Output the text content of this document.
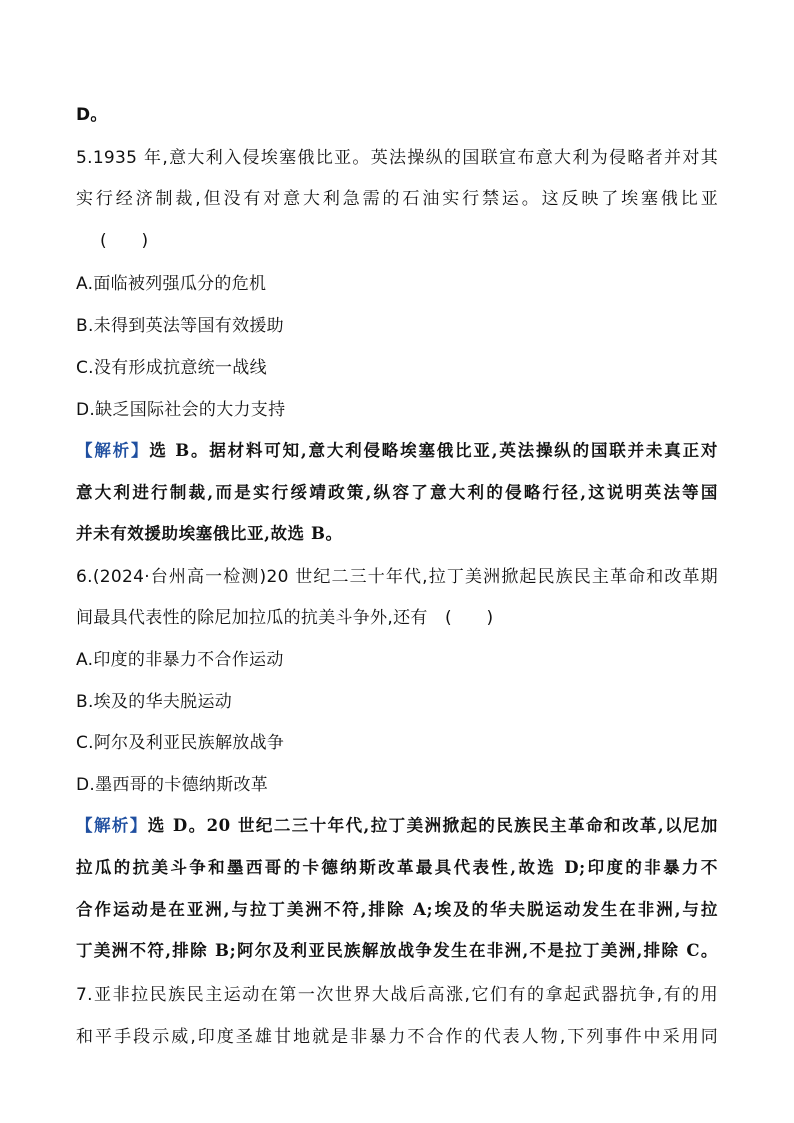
D。
5.1935 年,意大利入侵埃塞俄比亚。英法操纵的国联宣布意大利为侵略者并对其
实行经济制裁,但没有对意大利急需的石油实行禁运。这反映了埃塞俄比亚
(　　)
A.面临被列强瓜分的危机
B.未得到英法等国有效援助
C.没有形成抗意统一战线
D.缺乏国际社会的大力支持
【解析】选 B。据材料可知,意大利侵略埃塞俄比亚,英法操纵的国联并未真正对
意大利进行制裁,而是实行绥靖政策,纵容了意大利的侵略行径,这说明英法等国
并未有效援助埃塞俄比亚,故选 B。
6.(2024·台州高一检测)20 世纪二三十年代,拉丁美洲掀起民族民主革命和改革期
间最具代表性的除尼加拉瓜的抗美斗争外,还有　(　　)
A.印度的非暴力不合作运动
B.埃及的华夫脱运动
C.阿尔及利亚民族解放战争
D.墨西哥的卡德纳斯改革
【解析】选 D。20 世纪二三十年代,拉丁美洲掀起的民族民主革命和改革,以尼加
拉瓜的抗美斗争和墨西哥的卡德纳斯改革最具代表性,故选 D;印度的非暴力不
合作运动是在亚洲,与拉丁美洲不符,排除 A;埃及的华夫脱运动发生在非洲,与拉
丁美洲不符,排除 B;阿尔及利亚民族解放战争发生在非洲,不是拉丁美洲,排除 C。
7.亚非拉民族民主运动在第一次世界大战后高涨,它们有的拿起武器抗争,有的用
和平手段示威,印度圣雄甘地就是非暴力不合作的代表人物,下列事件中采用同
